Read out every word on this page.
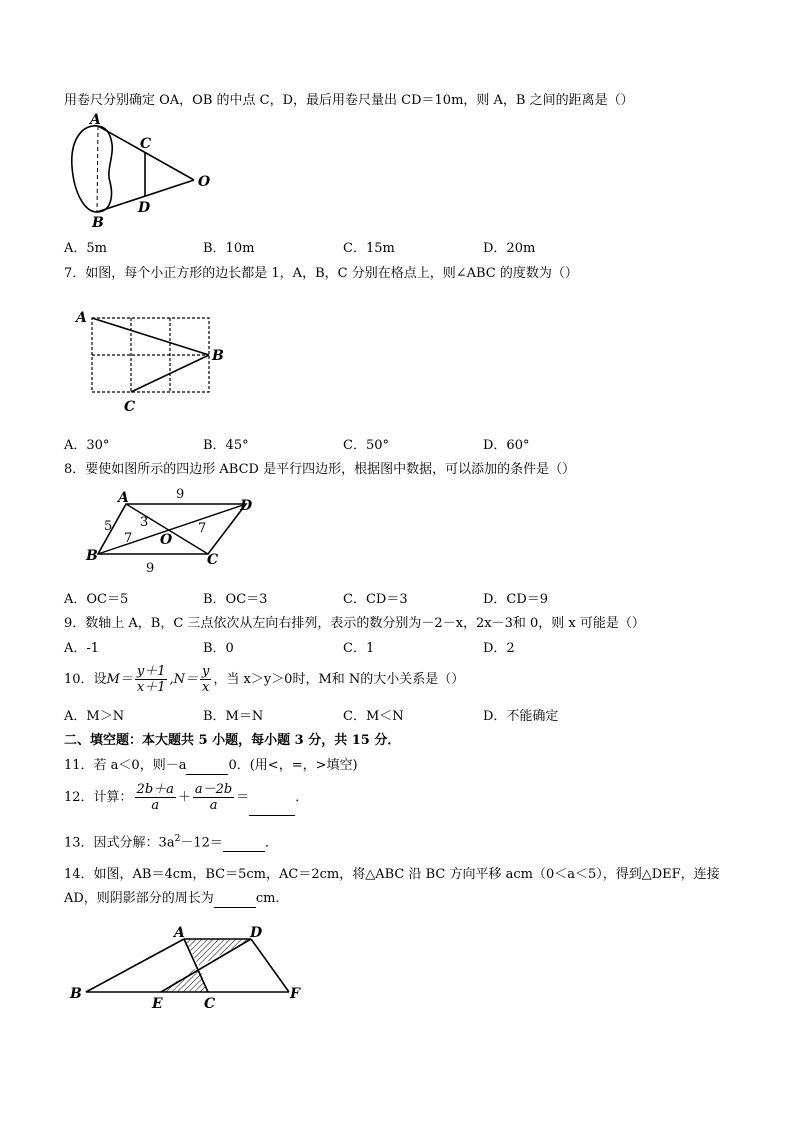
用卷尺分别确定 OA，OB 的中点 C，D，最后用卷尺量出 CD＝10m，则 A，B 之间的距离是（）
A
B
C
D
O
A．5m	B．10m	C．15m	D．20m
7．如图，每个小正方形的边长都是 1，A，B，C 分别在格点上，则∠ABC 的度数为（）
A
B
C
A．30°	B．45°	C．50°	D．60°
8．要使如图所示的四边形 ABCD 是平行四边形，根据图中数据，可以添加的条件是（）
A
B	C
D
O
9
9
5 3
7
7
A．OC＝5	B．OC＝3	C．CD＝3	D．CD＝9
9．数轴上 A，B，C 三点依次从左向右排列，表示的数分别为－2－x，2x－3和 0，则 x 可能是（）
A．-1	B．0	C．1	D．2
10．设$M= \frac{y+1}{x+1} ,N= \frac{y}{x}$ ，当 x＞y＞0时，M和 N的大小关系是（）
A．M＞N	B．M＝N	C．M＜N	D．不能确定
二、填空题：本大题共 5 小题，每小题 3 分，共 15 分．
11．若 a＜0，则－a	0．(用<，=，>填空)
12．计算： $\frac{2b+a}{a} + \frac{a-2b}{a}$ ＝	．
13．因式分解：$3a^2-12=$	．
14．如图，AB＝4cm，BC＝5cm，AC＝2cm，将△ABC 沿 BC 方向平移 acm（0＜a＜5），得到△DEF，连接
AD，则阴影部分的周长为	cm．
A
B
C
D
E
F
